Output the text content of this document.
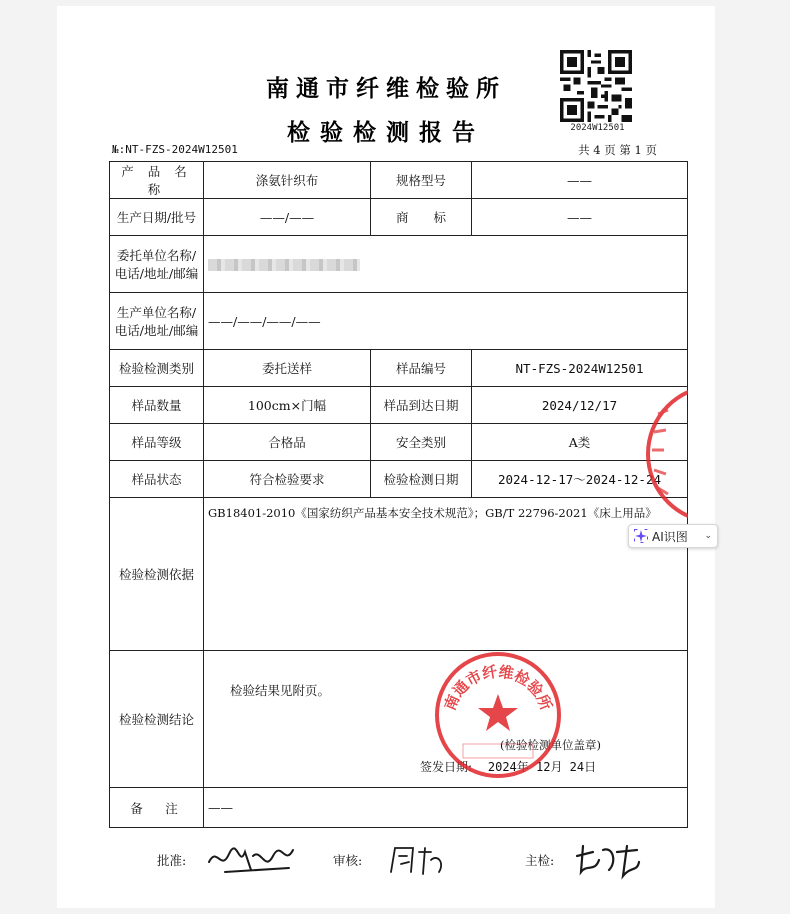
南通市纤维检验所
检验检测报告	2024W12501
№:NT-FZS-2024W12501	共 4 页 第 1 页
产 品 名 称	涤氨针织布	规格型号	——
生产日期/批号	——/——	商　　标	——
委托单位名称/电话/地址/邮编			
生产单位名称/电话/地址/邮编	——/——/——/——		
检验检测类别	委托送样	样品编号	NT-FZS-2024W12501
样品数量	100cm×门幅	样品到达日期	2024/12/17
样品等级	合格品	安全类别	A类
样品状态	符合检验要求	检验检测日期	2024-12-17～2024-12-24
检验检测依据	GB18401-2010《国家纺织产品基本安全技术规范》；GB/T 22796-2021《床上用品》		

检验检测结论	检验结果见附页。
(检验检测单位盖章)
签发日期: 2024年 12月 24日		

备　注	——		
批准:	审核:	主检:
南通市纤维检验所
AI识图 ⌄
